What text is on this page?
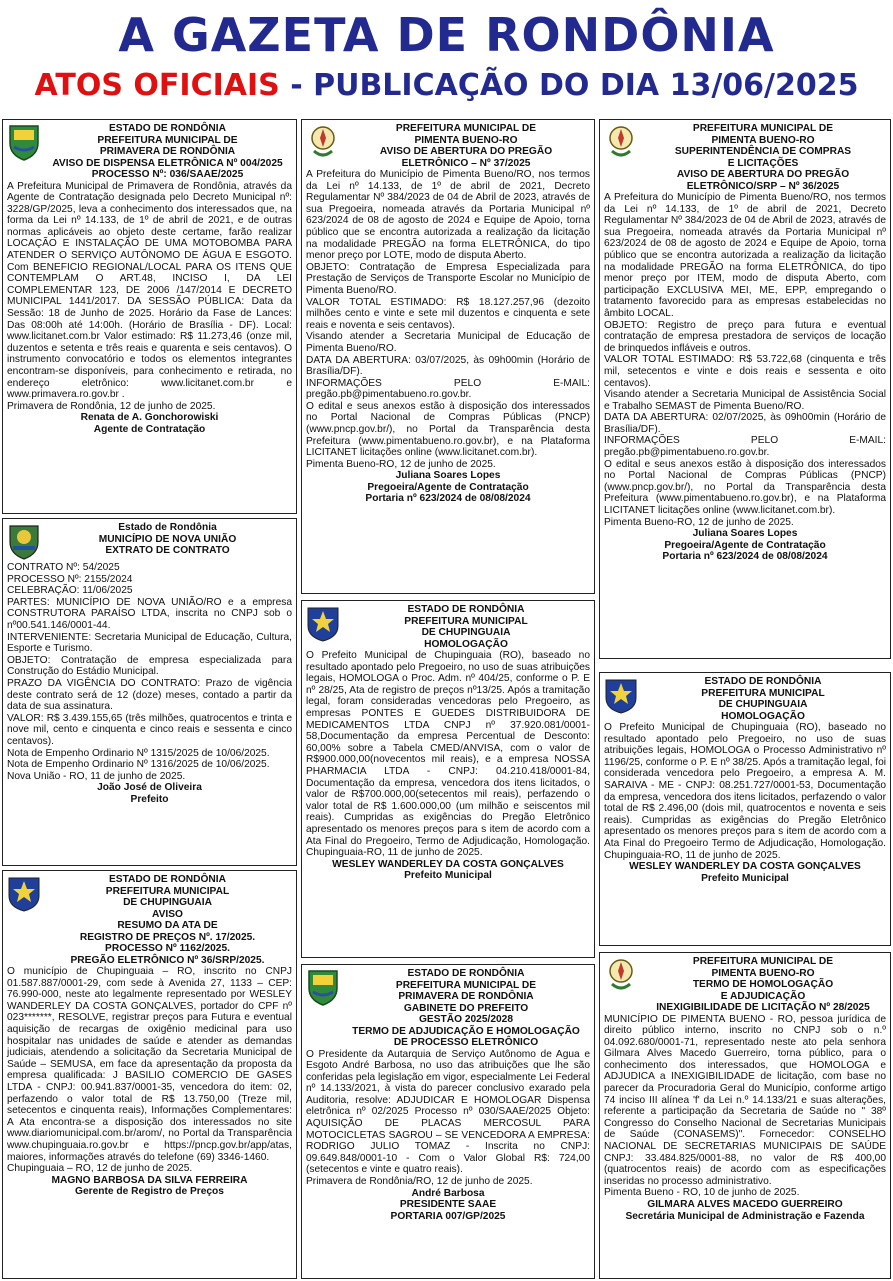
A GAZETA DE RONDÔNIA
ATOS OFICIAIS - PUBLICAÇÃO DO DIA 13/06/2025
ESTADO DE RONDÔNIA
PREFEITURA MUNICIPAL DE
PRIMAVERA DE RONDÔNIA
AVISO DE DISPENSA ELETRÔNICA Nº 004/2025
PROCESSO Nº: 036/SAAE/2025
A Prefeitura Municipal de Primavera de Rondônia, através da Agente de Contratação designada pelo Decreto Municipal nº: 3228/GP/2025, leva a conhecimento dos interessados que, na forma da Lei nº 14.133, de 1º de abril de 2021, e de outras normas aplicáveis ao objeto deste certame, farão realizar LOCAÇÃO E INSTALAÇÃO DE UMA MOTOBOMBA PARA ATENDER O SERVIÇO AUTÔNOMO DE ÁGUA E ESGOTO. Com BENEFICIO REGIONAL/LOCAL PARA OS ITENS QUE CONTEMPLAM O ART.48, INCISO I, DA LEI COMPLEMENTAR 123, DE 2006 /147/2014 E DECRETO MUNICIPAL 1441/2017. DA SESSÃO PÚBLICA: Data da Sessão: 18 de Junho de 2025. Horário da Fase de Lances: Das 08:00h até 14:00h. (Horário de Brasília - DF). Local: www.licitanet.com.br Valor estimado: R$ 11.273,46 (onze mil, duzentos e setenta e três reais e quarenta e seis centavos). O instrumento convocatório e todos os elementos integrantes encontram-se disponíveis, para conhecimento e retirada, no endereço eletrônico: www.licitanet.com.br e www.primavera.ro.gov.br .
Primavera de Rondônia, 12 de junho de 2025.
Renata de A. Gonchorowiski
Agente de Contratação
Estado de Rondônia
MUNICÍPIO DE NOVA UNIÃO
EXTRATO DE CONTRATO
CONTRATO Nº: 54/2025
PROCESSO Nº: 2155/2024
CELEBRAÇÃO: 11/06/2025
PARTES: MUNICÍPIO DE NOVA UNIÃO/RO e a empresa CONSTRUTORA PARAÍSO LTDA, inscrita no CNPJ sob o nº00.541.146/0001-44.
INTERVENIENTE: Secretaria Municipal de Educação, Cultura, Esporte e Turismo.
OBJETO: Contratação de empresa especializada para Construção do Estádio Municipal.
PRAZO DA VIGÊNCIA DO CONTRATO: Prazo de vigência deste contrato será de 12 (doze) meses, contado a partir da data de sua assinatura.
VALOR: R$ 3.439.155,65 (três milhões, quatrocentos e trinta e nove mil, cento e cinquenta e cinco reais e sessenta e cinco centavos).
Nota de Empenho Ordinario Nº 1315/2025 de 10/06/2025.
Nota de Empenho Ordinario Nº 1316/2025 de 10/06/2025.
Nova União - RO, 11 de junho de 2025.
João José de Oliveira
Prefeito
ESTADO DE RONDÔNIA
PREFEITURA MUNICIPAL
DE CHUPINGUAIA
AVISO
RESUMO DA ATA DE
REGISTRO DE PREÇOS Nº. 17/2025.
PROCESSO Nº 1162/2025.
PREGÃO ELETRÔNICO Nº 36/SRP/2025.
O município de Chupinguaia – RO, inscrito no CNPJ 01.587.887/0001-29, com sede à Avenida 27, 1133 – CEP: 76.990-000, neste ato legalmente representado por WESLEY WANDERLEY DA COSTA GONÇALVES, portador do CPF nº 023*******, RESOLVE, registrar preços para Futura e eventual aquisição de recargas de oxigênio medicinal para uso hospitalar nas unidades de saúde e atender as demandas judiciais, atendendo a solicitação da Secretaria Municipal de Saúde – SEMUSA, em face da apresentação da proposta da empresa qualificada: J BASILIO COMERCIO DE GASES LTDA - CNPJ: 00.941.837/0001-35, vencedora do item: 02, perfazendo o valor total de R$ 13.750,00 (Treze mil, setecentos e cinquenta reais), Informações Complementares: A Ata encontra-se a disposição dos interessados no site www.diariomunicipal.com.br/arom/, no Portal da Transparência www.chupinguaia.ro.gov.br e https://pncp.gov.br/app/atas, maiores, informações através do telefone (69) 3346-1460.
Chupinguaia – RO, 12 de junho de 2025.
MAGNO BARBOSA DA SILVA FERREIRA
Gerente de Registro de Preços
PREFEITURA MUNICIPAL DE
PIMENTA BUENO-RO
AVISO DE ABERTURA DO PREGÃO
ELETRÔNICO – Nº 37/2025
A Prefeitura do Município de Pimenta Bueno/RO, nos termos da Lei nº 14.133, de 1º de abril de 2021, Decreto Regulamentar Nº 384/2023 de 04 de Abril de 2023, através de sua Pregoeira, nomeada através da Portaria Municipal nº 623/2024 de 08 de agosto de 2024 e Equipe de Apoio, torna público que se encontra autorizada a realização da licitação na modalidade PREGÃO na forma ELETRÔNICA, do tipo menor preço por LOTE, modo de disputa Aberto.
OBJETO: Contratação de Empresa Especializada para Prestação de Serviços de Transporte Escolar no Município de Pimenta Bueno/RO.
VALOR TOTAL ESTIMADO: R$ 18.127.257,96 (dezoito milhões cento e vinte e sete mil duzentos e cinquenta e sete reais e noventa e seis centavos).
Visando atender a Secretaria Municipal de Educação de Pimenta Bueno/RO.
DATA DA ABERTURA: 03/07/2025, às 09h00min (Horário de Brasília/DF).
INFORMAÇÕES PELO E-MAIL: pregão.pb@pimentabueno.ro.gov.br.
O edital e seus anexos estão à disposição dos interessados no Portal Nacional de Compras Públicas (PNCP) (www.pncp.gov.br/), no Portal da Transparência desta Prefeitura (www.pimentabueno.ro.gov.br), e na Plataforma LICITANET licitações online (www.licitanet.com.br).
Pimenta Bueno-RO, 12 de junho de 2025.
Juliana Soares Lopes
Pregoeira/Agente de Contratação
Portaria nº 623/2024 de 08/08/2024
ESTADO DE RONDÔNIA
PREFEITURA MUNICIPAL
DE CHUPINGUAIA
HOMOLOGAÇÃO
O Prefeito Municipal de Chupinguaia (RO), baseado no resultado apontado pelo Pregoeiro, no uso de suas atribuições legais, HOMOLOGA o Proc. Adm. nº 404/25, conforme o P. E nº 28/25, Ata de registro de preços nº13/25. Após a tramitação legal, foram consideradas vencedoras pelo Pregoeiro, as empresas PONTES E GUEDES DISTRIBUIDORA DE MEDICAMENTOS LTDA CNPJ nº 37.920.081/0001-58,Documentação da empresa Percentual de Desconto: 60,00% sobre a Tabela CMED/ANVISA, com o valor de R$900.000,00(novecentos mil reais), e a empresa NOSSA PHARMACIA LTDA - CNPJ: 04.210.418/0001-84, Documentação da empresa, vencedora dos itens licitados, o valor de R$700.000,00(setecentos mil reais), perfazendo o valor total de R$ 1.600.000,00 (um milhão e seiscentos mil reais). Cumpridas as exigências do Pregão Eletrônico apresentado os menores preços para s item de acordo com a Ata Final do Pregoeiro, Termo de Adjudicação, Homologação. Chupinguaia-RO, 11 de junho de 2025.
WESLEY WANDERLEY DA COSTA GONÇALVES
Prefeito Municipal
ESTADO DE RONDÔNIA
PREFEITURA MUNICIPAL DE
PRIMAVERA DE RONDÔNIA
GABINETE DO PREFEITO
GESTÃO 2025/2028
TERMO DE ADJUDICAÇÃO E HOMOLOGAÇÃO
DE PROCESSO ELETRÔNICO
O Presidente da Autarquia de Serviço Autônomo de Agua e Esgoto André Barbosa, no uso das atribuições que lhe são conferidas pela legislação em vigor, especialmente Lei Federal nº 14.133/2021, à vista do parecer conclusivo exarado pela Auditoria, resolve: ADJUDICAR E HOMOLOGAR Dispensa eletrônica nº 02/2025 Processo nº 030/SAAE/2025 Objeto: AQUISIÇÃO DE PLACAS MERCOSUL PARA MOTOCICLETAS SAGROU – SE VENCEDORA A EMPRESA: RODRIGO JULIO TOMAZ - Inscrita no CNPJ: 09.649.848/0001-10 - Com o Valor Global R$: 724,00 (setecentos e vinte e quatro reais).
Primavera de Rondônia/RO, 12 de junho de 2025.
André Barbosa
PRESIDENTE SAAE
PORTARIA 007/GP/2025
PREFEITURA MUNICIPAL DE
PIMENTA BUENO-RO
SUPERINTENDÊNCIA DE COMPRAS
E LICITAÇÕES
AVISO DE ABERTURA DO PREGÃO
ELETRÔNICO/SRP – Nº 36/2025
A Prefeitura do Município de Pimenta Bueno/RO, nos termos da Lei nº 14.133, de 1º de abril de 2021, Decreto Regulamentar Nº 384/2023 de 04 de Abril de 2023, através de sua Pregoeira, nomeada através da Portaria Municipal nº 623/2024 de 08 de agosto de 2024 e Equipe de Apoio, torna público que se encontra autorizada a realização da licitação na modalidade PREGÃO na forma ELETRÔNICA, do tipo menor preço por ITEM, modo de disputa Aberto, com participação EXCLUSIVA MEI, ME, EPP, empregando o tratamento favorecido para as empresas estabelecidas no âmbito LOCAL.
OBJETO: Registro de preço para futura e eventual contratação de empresa prestadora de serviços de locação de brinquedos infláveis e outros.
VALOR TOTAL ESTIMADO: R$ 53.722,68 (cinquenta e três mil, setecentos e vinte e dois reais e sessenta e oito centavos).
Visando atender a Secretaria Municipal de Assistência Social e Trabalho SEMAST de Pimenta Bueno/RO.
DATA DA ABERTURA: 02/07/2025, às 09h00min (Horário de Brasília/DF).
INFORMAÇÕES PELO E-MAIL: pregão.pb@pimentabueno.ro.gov.br.
O edital e seus anexos estão à disposição dos interessados no Portal Nacional de Compras Públicas (PNCP) (www.pncp.gov.br/), no Portal da Transparência desta Prefeitura (www.pimentabueno.ro.gov.br), e na Plataforma LICITANET licitações online (www.licitanet.com.br).
Pimenta Bueno-RO, 12 de junho de 2025.
Juliana Soares Lopes
Pregoeira/Agente de Contratação
Portaria nº 623/2024 de 08/08/2024
ESTADO DE RONDÔNIA
PREFEITURA MUNICIPAL
DE CHUPINGUAIA
HOMOLOGAÇÃO
O Prefeito Municipal de Chupinguaia (RO), baseado no resultado apontado pelo Pregoeiro, no uso de suas atribuições legais, HOMOLOGA o Processo Administrativo nº 1196/25, conforme o P. E nº 38/25. Após a tramitação legal, foi considerada vencedora pelo Pregoeiro, a empresa A. M. SARAIVA - ME - CNPJ: 08.251.727/0001-53, Documentação da empresa, vencedora dos itens licitados, perfazendo o valor total de R$ 2.496,00 (dois mil, quatrocentos e noventa e seis reais). Cumpridas as exigências do Pregão Eletrônico apresentado os menores preços para s item de acordo com a Ata Final do Pregoeiro Termo de Adjudicação, Homologação. Chupinguaia-RO, 11 de junho de 2025.
WESLEY WANDERLEY DA COSTA GONÇALVES
Prefeito Municipal
PREFEITURA MUNICIPAL DE
PIMENTA BUENO-RO
TERMO DE HOMOLOGAÇÃO
E ADJUDICAÇÃO
INEXIGIBILIDADE DE LICITAÇÃO Nº 28/2025
MUNICÍPIO DE PIMENTA BUENO - RO, pessoa jurídica de direito público interno, inscrito no CNPJ sob o n.º 04.092.680/0001-71, representado neste ato pela senhora Gilmara Alves Macedo Guerreiro, torna público, para o conhecimento dos interessados, que HOMOLOGA e ADJUDICA a INEXIGIBILIDADE de licitação, com base no parecer da Procuradoria Geral do Município, conforme artigo 74 inciso III alínea 'f' da Lei n.º 14.133/21 e suas alterações, referente a participação da Secretaria de Saúde no " 38º Congresso do Conselho Nacional de Secretarias Municipais de Saúde (CONASEMS)". Fornecedor: CONSELHO NACIONAL DE SECRETARIAS MUNICIPAIS DE SAÚDE CNPJ: 33.484.825/0001-88, no valor de R$ 400,00 (quatrocentos reais) de acordo com as especificações inseridas no processo administrativo.
Pimenta Bueno - RO, 10 de junho de 2025.
GILMARA ALVES MACEDO GUERREIRO
Secretária Municipal de Administração e Fazenda
